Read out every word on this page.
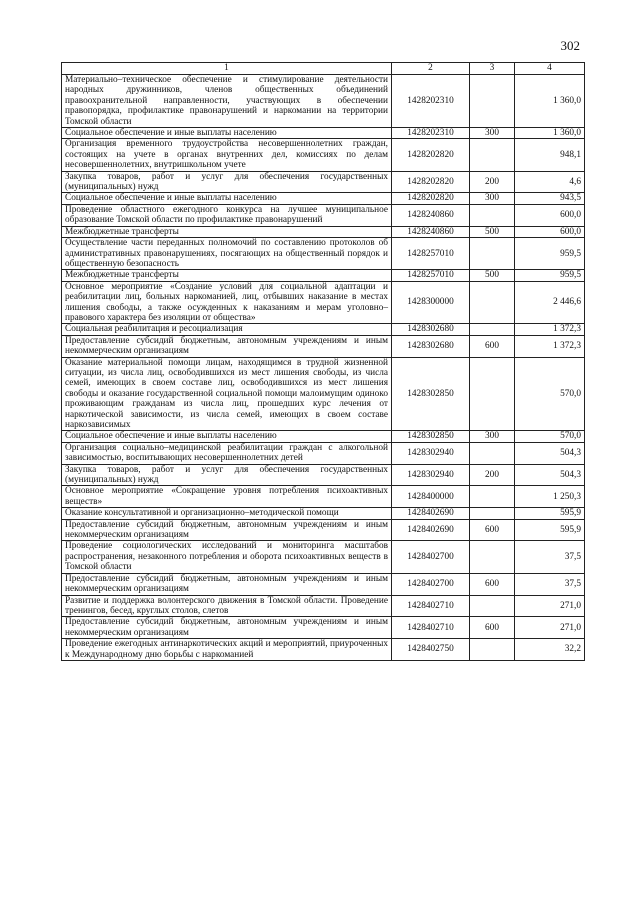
302
1	2	3	4
Материально–техническое обеспечение и стимулирование деятельности народных дружинников, членов общественных объединений правоохранительной направленности, участвующих в обеспечении правопорядка, профилактике правонарушений и наркомании на территории Томской области	1428202310		1 360,0
Социальное обеспечение и иные выплаты населению	1428202310	300	1 360,0
Организация временного трудоустройства несовершеннолетних граждан, состоящих на учете в органах внутренних дел, комиссиях по делам несовершеннолетних, внутришкольном учете	1428202820		948,1
Закупка товаров, работ и услуг для обеспечения государственных (муниципальных) нужд	1428202820	200	4,6
Социальное обеспечение и иные выплаты населению	1428202820	300	943,5
Проведение областного ежегодного конкурса на лучшее муниципальное образование Томской области по профилактике правонарушений	1428240860		600,0
Межбюджетные трансферты	1428240860	500	600,0
Осуществление части переданных полномочий по составлению протоколов об административных правонарушениях, посягающих на общественный порядок и общественную безопасность	1428257010		959,5
Межбюджетные трансферты	1428257010	500	959,5
Основное мероприятие «Создание условий для социальной адаптации и реабилитации лиц, больных наркоманией, лиц, отбывших наказание в местах лишения свободы, а также осужденных к наказаниям и мерам уголовно–правового характера без изоляции от общества»	1428300000		2 446,6
Социальная реабилитация и ресоциализация	1428302680		1 372,3
Предоставление субсидий бюджетным, автономным учреждениям и иным некоммерческим организациям	1428302680	600	1 372,3
Оказание материальной помощи лицам, находящимся в трудной жизненной ситуации, из числа лиц, освободившихся из мест лишения свободы, из числа семей, имеющих в своем составе лиц, освободившихся из мест лишения свободы и оказание государственной социальной помощи малоимущим одиноко проживающим гражданам из числа лиц, прошедших курс лечения от наркотической зависимости, из числа семей, имеющих в своем составе наркозависимых	1428302850		570,0
Социальное обеспечение и иные выплаты населению	1428302850	300	570,0
Организация социально–медицинской реабилитации граждан с алкогольной зависимостью, воспитывающих несовершеннолетних детей	1428302940		504,3
Закупка товаров, работ и услуг для обеспечения государственных (муниципальных) нужд	1428302940	200	504,3
Основное мероприятие «Сокращение уровня потребления психоактивных веществ»	1428400000		1 250,3
Оказание консультативной и организационно–методической помощи	1428402690		595,9
Предоставление субсидий бюджетным, автономным учреждениям и иным некоммерческим организациям	1428402690	600	595,9
Проведение социологических исследований и мониторинга масштабов распространения, незаконного потребления и оборота психоактивных веществ в Томской области	1428402700		37,5
Предоставление субсидий бюджетным, автономным учреждениям и иным некоммерческим организациям	1428402700	600	37,5
Развитие и поддержка волонтерского движения в Томской области. Проведение тренингов, бесед, круглых столов, слетов	1428402710		271,0
Предоставление субсидий бюджетным, автономным учреждениям и иным некоммерческим организациям	1428402710	600	271,0
Проведение ежегодных антинаркотических акций и мероприятий, приуроченных к Международному дню борьбы с наркоманией	1428402750		32,2
